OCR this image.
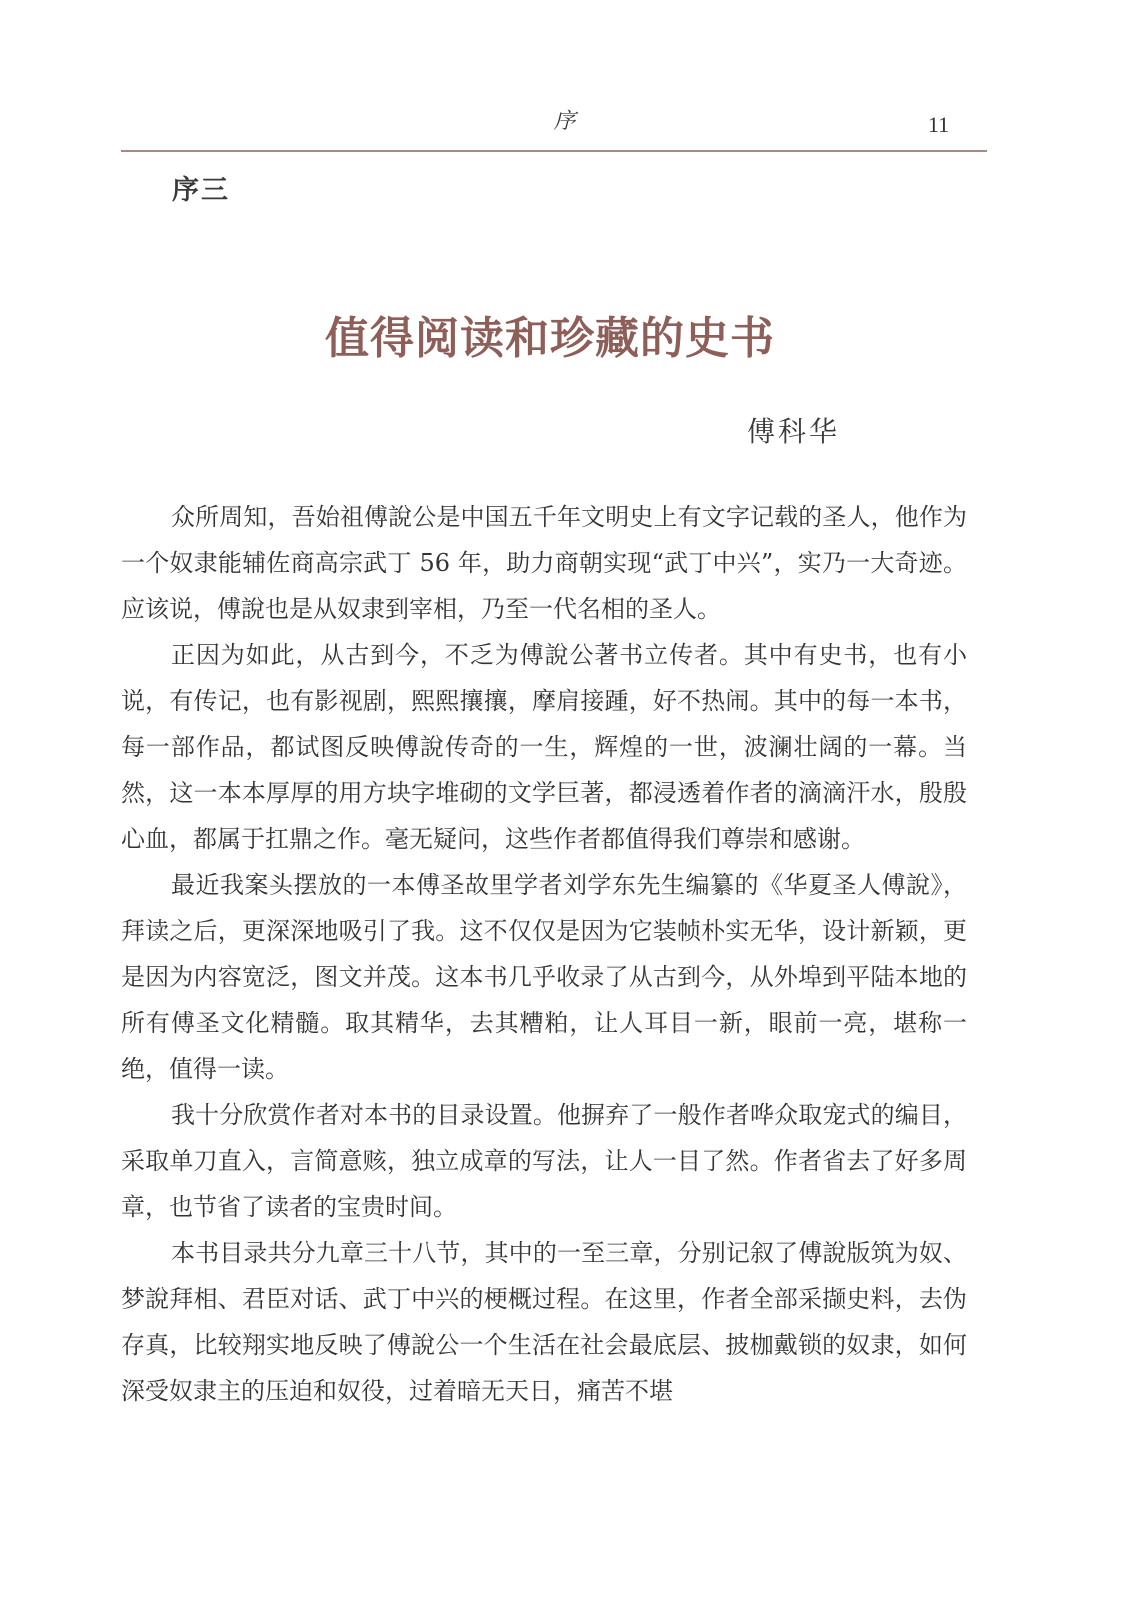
序	11
序三
值得阅读和珍藏的史书
傅科华

众所周知，吾始祖傅說公是中国五千年文明史上有文字记载的圣人，他作为一个奴隶能辅佐商高宗武丁 56 年，助力商朝实现“武丁中兴”，实乃一大奇迹。应该说，傅說也是从奴隶到宰相，乃至一代名相的圣人。

正因为如此，从古到今，不乏为傅說公著书立传者。其中有史书，也有小说，有传记，也有影视剧，熙熙攘攘，摩肩接踵，好不热闹。其中的每一本书，每一部作品，都试图反映傅說传奇的一生，辉煌的一世，波澜壮阔的一幕。当然，这一本本厚厚的用方块字堆砌的文学巨著，都浸透着作者的滴滴汗水，殷殷心血，都属于扛鼎之作。毫无疑问，这些作者都值得我们尊崇和感谢。

最近我案头摆放的一本傅圣故里学者刘学东先生编纂的《华夏圣人傅說》，拜读之后，更深深地吸引了我。这不仅仅是因为它装帧朴实无华，设计新颖，更是因为内容宽泛，图文并茂。这本书几乎收录了从古到今，从外埠到平陆本地的所有傅圣文化精髓。取其精华，去其糟粕，让人耳目一新，眼前一亮，堪称一绝，值得一读。

我十分欣赏作者对本书的目录设置。他摒弃了一般作者哗众取宠式的编目，采取单刀直入，言简意赅，独立成章的写法，让人一目了然。作者省去了好多周章，也节省了读者的宝贵时间。

本书目录共分九章三十八节，其中的一至三章，分别记叙了傅說版筑为奴、梦說拜相、君臣对话、武丁中兴的梗概过程。在这里，作者全部采撷史料，去伪存真，比较翔实地反映了傅說公一个生活在社会最底层、披枷戴锁的奴隶，如何深受奴隶主的压迫和奴役，过着暗无天日，痛苦不堪
